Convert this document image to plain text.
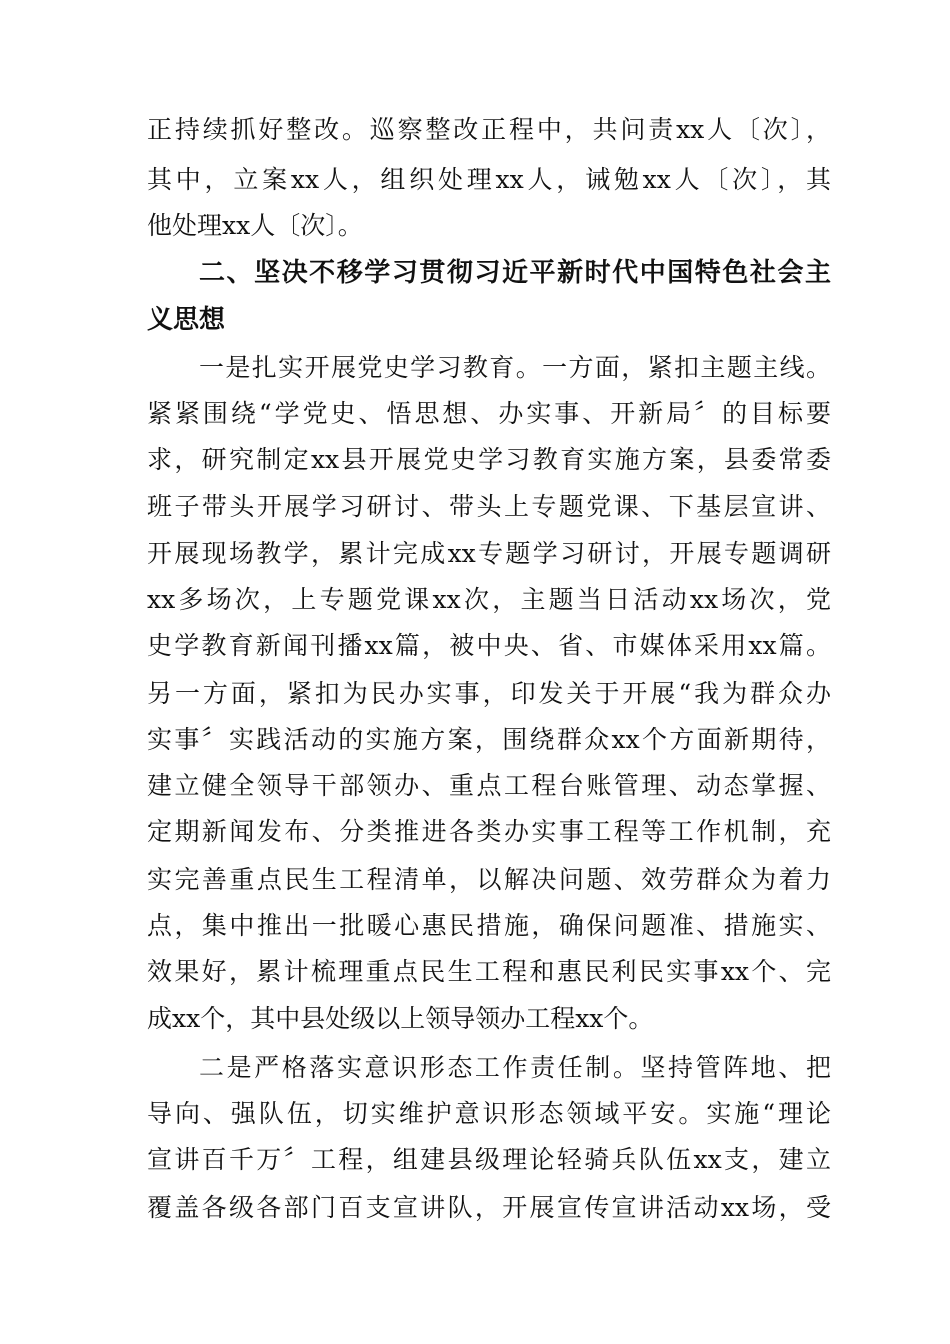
正持续抓好整改。巡察整改正程中，共问责xx人〔次〕，
其中，立案xx人，组织处理xx人，诫勉xx人〔次〕，其
他处理xx人〔次〕。
二、坚决不移学习贯彻习近平新时代中国特色社会主
义思想
一是扎实开展党史学习教育。一方面，紧扣主题主线。
紧紧围绕“学党史、悟思想、办实事、开新局〞的目标要
求，研究制定xx县开展党史学习教育实施方案，县委常委
班子带头开展学习研讨、带头上专题党课、下基层宣讲、
开展现场教学，累计完成xx专题学习研讨，开展专题调研
xx多场次，上专题党课xx次，主题当日活动xx场次，党
史学教育新闻刊播xx篇，被中央、省、市媒体采用xx篇。
另一方面，紧扣为民办实事，印发关于开展“我为群众办
实事〞实践活动的实施方案，围绕群众xx个方面新期待，
建立健全领导干部领办、重点工程台账管理、动态掌握、
定期新闻发布、分类推进各类办实事工程等工作机制，充
实完善重点民生工程清单，以解决问题、效劳群众为着力
点，集中推出一批暖心惠民措施，确保问题准、措施实、
效果好，累计梳理重点民生工程和惠民利民实事xx个、完
成xx个，其中县处级以上领导领办工程xx个。
二是严格落实意识形态工作责任制。坚持管阵地、把
导向、强队伍，切实维护意识形态领域平安。实施“理论
宣讲百千万〞工程，组建县级理论轻骑兵队伍xx支，建立
覆盖各级各部门百支宣讲队，开展宣传宣讲活动xx场，受
